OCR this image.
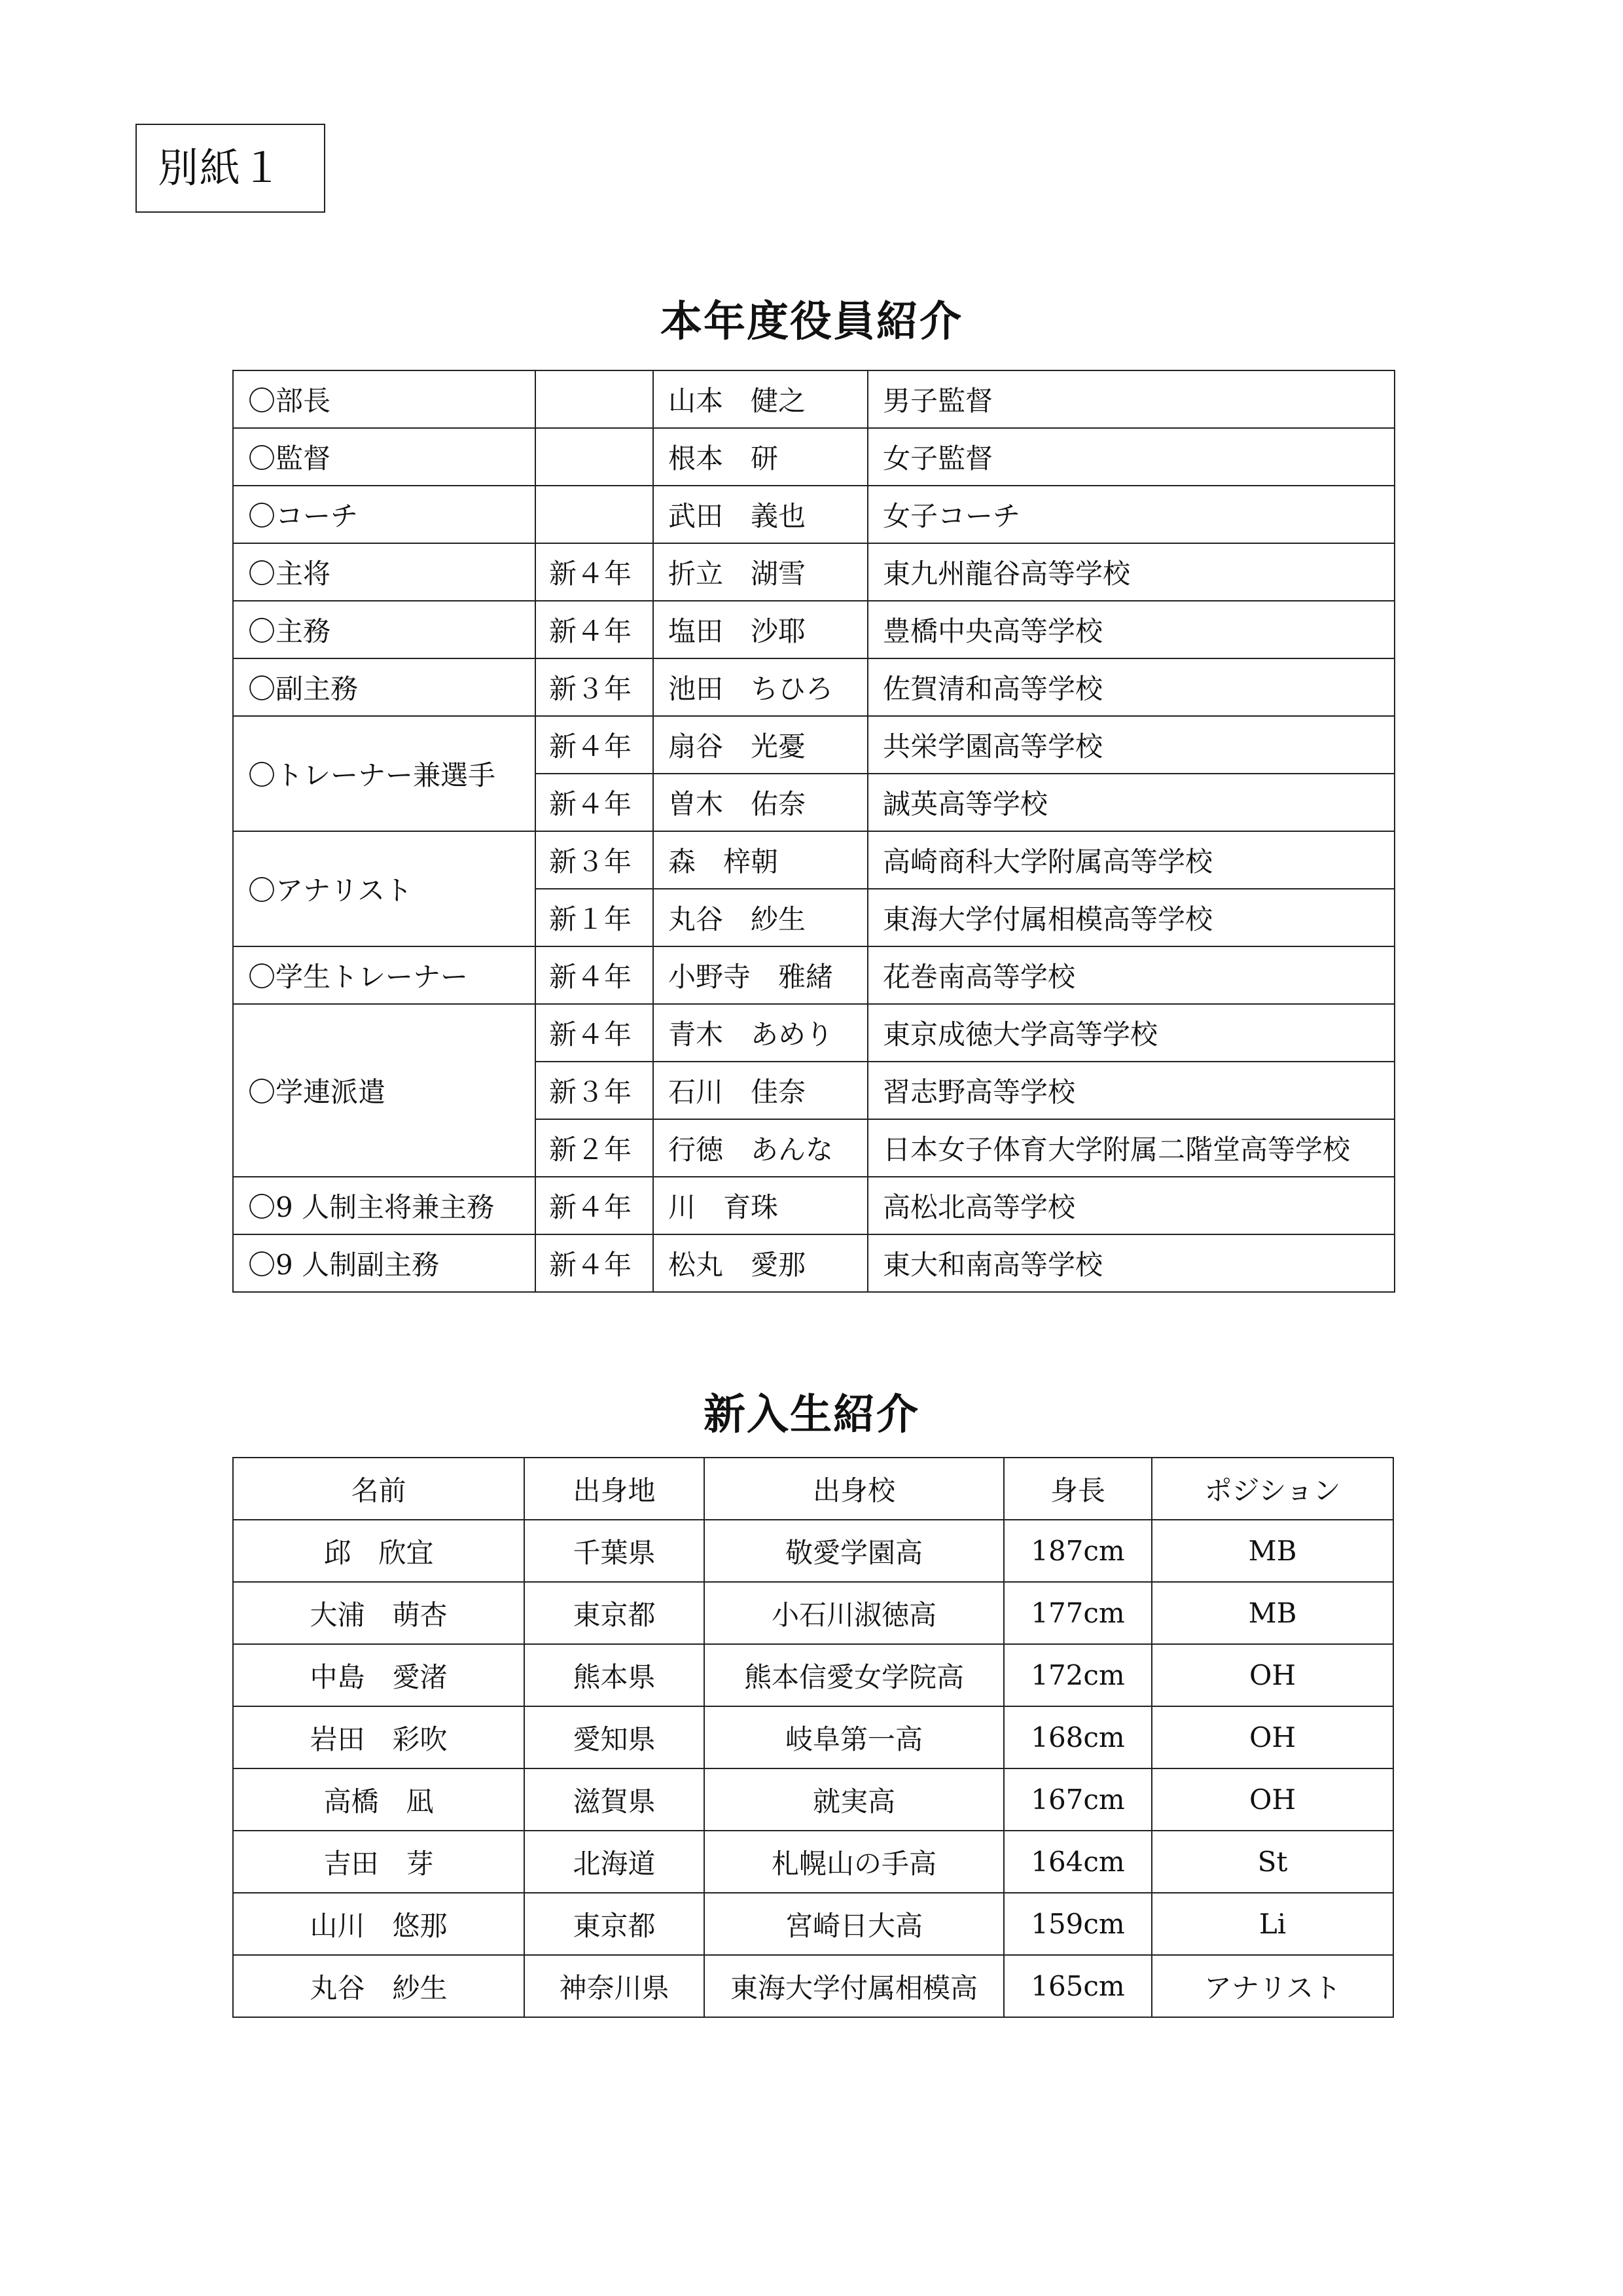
別紙１
本年度役員紹介
〇部長		山本　健之	男子監督
〇監督		根本　研	女子監督
〇コーチ		武田　義也	女子コーチ
〇主将	新４年	折立　湖雪	東九州龍谷高等学校
〇主務	新４年	塩田　沙耶	豊橋中央高等学校
〇副主務	新３年	池田　ちひろ	佐賀清和高等学校
〇トレーナー兼選手	新４年	扇谷　光憂	共栄学園高等学校
	新４年	曽木　佑奈	誠英高等学校
〇アナリスト	新３年	森　梓朝	高崎商科大学附属高等学校
	新１年	丸谷　紗生	東海大学付属相模高等学校
〇学生トレーナー	新４年	小野寺　雅緒	花巻南高等学校
〇学連派遣	新４年	青木　あめり	東京成徳大学高等学校
	新３年	石川　佳奈	習志野高等学校
	新２年	行徳　あんな	日本女子体育大学附属二階堂高等学校
〇9 人制主将兼主務	新４年	川　育珠	高松北高等学校
〇9 人制副主務	新４年	松丸　愛那	東大和南高等学校
新入生紹介
名前	出身地	出身校	身長	ポジション
邱　欣宜	千葉県	敬愛学園高	187cm	MB
大浦　萌杏	東京都	小石川淑徳高	177cm	MB
中島　愛渚	熊本県	熊本信愛女学院高	172cm	OH
岩田　彩吹	愛知県	岐阜第一高	168cm	OH
高橋　凪	滋賀県	就実高	167cm	OH
吉田　芽	北海道	札幌山の手高	164cm	St
山川　悠那	東京都	宮崎日大高	159cm	Li
丸谷　紗生	神奈川県	東海大学付属相模高	165cm	アナリスト
